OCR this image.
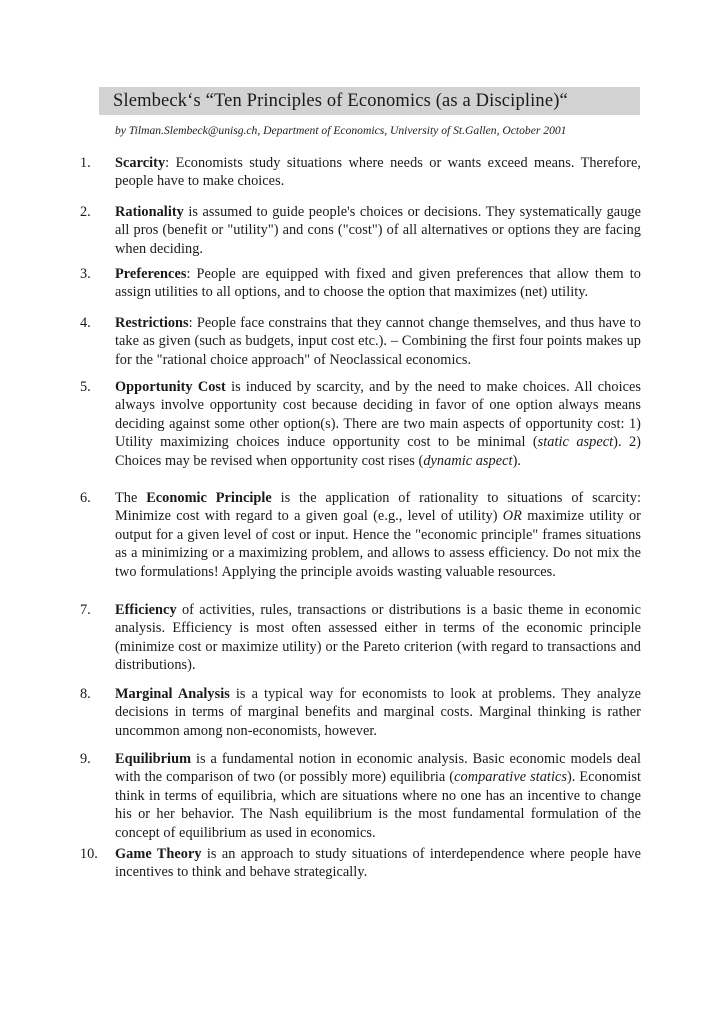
Slembeck‘s “Ten Principles of Economics (as a Discipline)“
by Tilman.Slembeck@unisg.ch, Department of Economics, University of St.Gallen, October 2001
1.	Scarcity: Economists study situations where needs or wants exceed means. Therefore, people have to make choices.
2.	Rationality is assumed to guide people's choices or decisions. They systematically gauge all pros (benefit or "utility") and cons ("cost") of all alternatives or options they are facing when deciding.
3.	Preferences: People are equipped with fixed and given preferences that allow them to assign utilities to all options, and to choose the option that maximizes (net) utility.
4.	Restrictions: People face constrains that they cannot change themselves, and thus have to take as given (such as budgets, input cost etc.). – Combining the first four points makes up for the "rational choice approach" of Neoclassical economics.
5.	Opportunity Cost is induced by scarcity, and by the need to make choices. All choices always involve opportunity cost because deciding in favor of one option always means deciding against some other option(s). There are two main aspects of opportunity cost: 1) Utility maximizing choices induce opportunity cost to be minimal (static aspect). 2) Choices may be revised when opportunity cost rises (dynamic aspect).
6.	The Economic Principle is the application of rationality to situations of scarcity: Minimize cost with regard to a given goal (e.g., level of utility) OR maximize utility or output for a given level of cost or input. Hence the "economic principle" frames situations as a minimizing or a maximizing problem, and allows to assess efficiency. Do not mix the two formulations! Applying the principle avoids wasting valuable resources.
7.	Efficiency of activities, rules, transactions or distributions is a basic theme in economic analysis. Efficiency is most often assessed either in terms of the economic principle (minimize cost or maximize utility) or the Pareto criterion (with regard to transactions and distributions).
8.	Marginal Analysis is a typical way for economists to look at problems. They analyze decisions in terms of marginal benefits and marginal costs. Marginal thinking is rather uncommon among non-economists, however.
9.	Equilibrium is a fundamental notion in economic analysis. Basic economic models deal with the comparison of two (or possibly more) equilibria (comparative statics). Economist think in terms of equilibria, which are situations where no one has an incentive to change his or her behavior. The Nash equilibrium is the most fundamental formulation of the concept of equilibrium as used in economics.
10.	Game Theory is an approach to study situations of interdependence where people have incentives to think and behave strategically.
